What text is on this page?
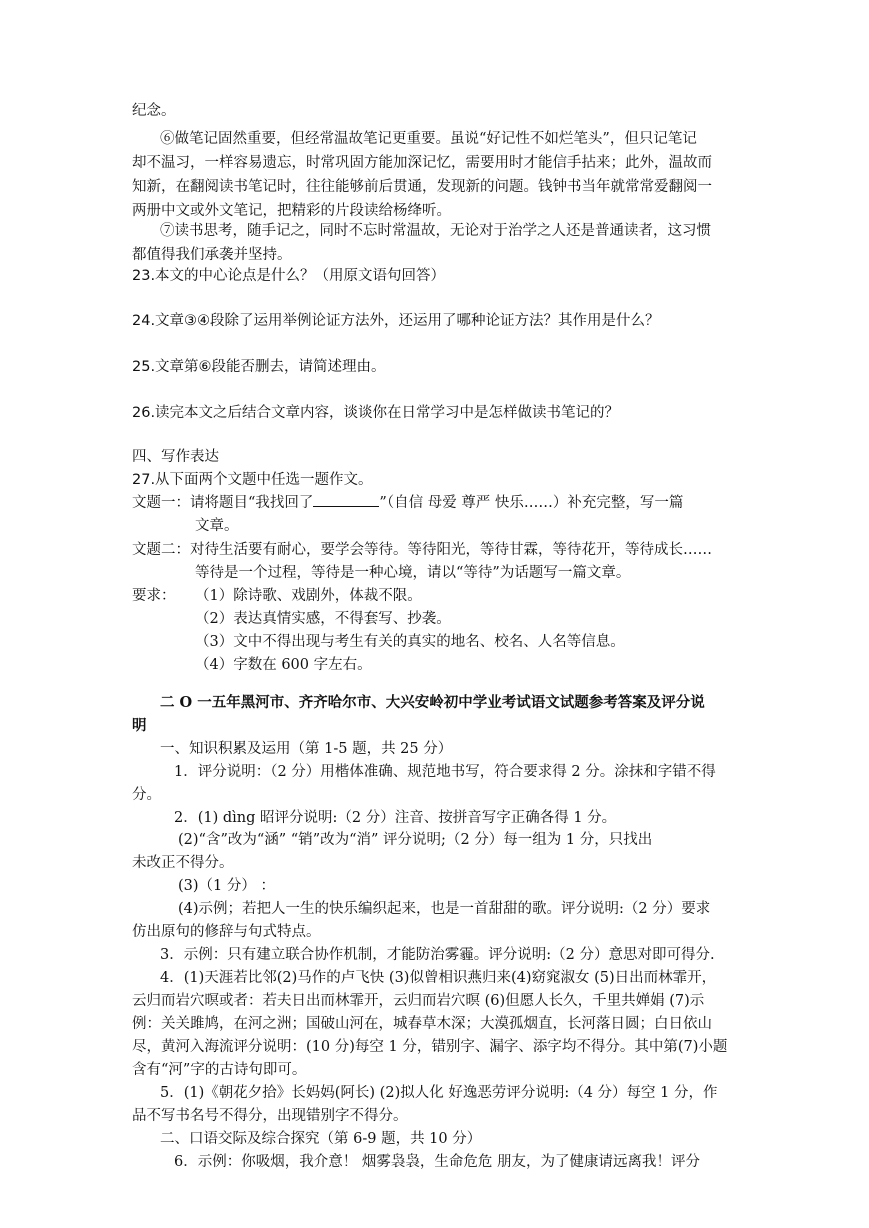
纪念。
⑥做笔记固然重要，但经常温故笔记更重要。虽说“好记性不如烂笔头”，但只记笔记
却不温习，一样容易遗忘，时常巩固方能加深记忆，需要用时才能信手拈来；此外，温故而
知新，在翻阅读书笔记时，往往能够前后贯通，发现新的问题。钱钟书当年就常常爱翻阅一
两册中文或外文笔记，把精彩的片段读给杨绛听。
⑦读书思考，随手记之，同时不忘时常温故，无论对于治学之人还是普通读者，这习惯
都值得我们承袭并坚持。
23.本文的中心论点是什么？（用原文语句回答）
24.文章③④段除了运用举例论证方法外，还运用了哪种论证方法？其作用是什么？
25.文章第⑥段能否删去，请简述理由。
26.读完本文之后结合文章内容，谈谈你在日常学习中是怎样做读书笔记的？
四、写作表达
27.从下面两个文题中任选一题作文。
文题一：请将题目“我找回了	”（自信 母爱 尊严 快乐……）补充完整，写一篇
文章。
文题二：对待生活要有耐心，要学会等待。等待阳光，等待甘霖，等待花开，等待成长……
等待是一个过程，等待是一种心境，请以“等待”为话题写一篇文章。
要求： （1）除诗歌、戏剧外，体裁不限。
（2）表达真情实感，不得套写、抄袭。
（3）文中不得出现与考生有关的真实的地名、校名、人名等信息。
（4）字数在 600 字左右。
二 O 一五年黑河市、齐齐哈尔市、大兴安岭初中学业考试语文试题参考答案及评分说
明
一、知识积累及运用（第 1-5 题，共 25 分）
1．评分说明：（2 分）用楷体准确、规范地书写，符合要求得 2 分。涂抹和字错不得
分。
2．(1) dìng 昭评分说明:（2 分）注音、按拼音写字正确各得 1 分。
(2)“含”改为“涵” “销”改为“消” 评分说明;（2 分）每一组为 1 分，只找出
未改正不得分。
(3)（1 分） ：
(4)示例；若把人一生的快乐编织起来，也是一首甜甜的歌。评分说明:（2 分）要求
仿出原句的修辞与句式特点。
3．示例：只有建立联合协作机制，才能防治雾霾。评分说明:（2 分）意思对即可得分.
4．(1)天涯若比邻(2)马作的卢飞快 (3)似曾相识燕归来(4)窈窕淑女 (5)日出而林霏开，
云归而岩穴暝或者：若夫日出而林霏开，云归而岩穴暝 (6)但愿人长久，千里共婵娟 (7)示
例：关关雎鸠，在河之洲；国破山河在，城春草木深；大漠孤烟直，长河落日圆；白日依山
尽，黄河入海流评分说明：(10 分)每空 1 分，错别字、漏字、添字均不得分。其中第(7)小题
含有“河”字的古诗句即可。
5．(1)《朝花夕拾》长妈妈(阿长) (2)拟人化 好逸恶劳评分说明:（4 分）每空 1 分，作
品不写书名号不得分，出现错别字不得分。
二、口语交际及综合探究（第 6-9 题，共 10 分）
6．示例：你吸烟，我介意！ 烟雾袅袅，生命危危 朋友，为了健康请远离我！评分
